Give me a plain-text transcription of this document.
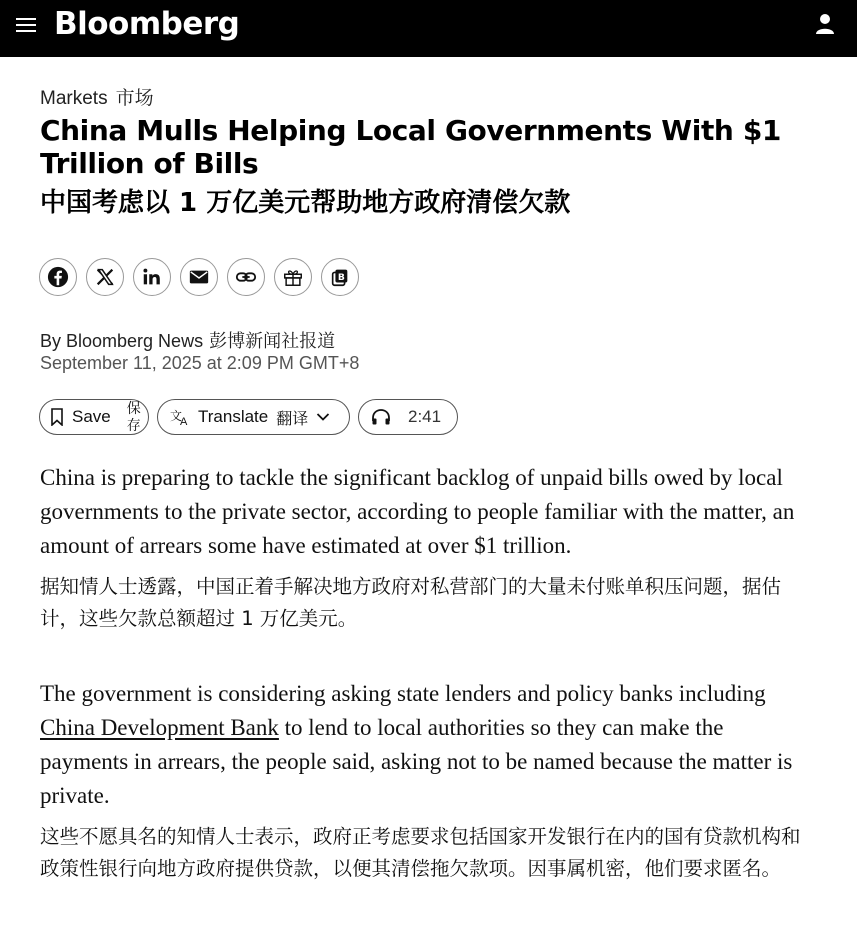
Bloomberg
Markets 市场
China Mulls Helping Local Governments With $1 Trillion of Bills
中国考虑以 1 万亿美元帮助地方政府清偿欠款
B
By Bloomberg News 彭博新闻社报道
September 11, 2025 at 2:09 PM GMT+8
Save 保
存
文
A Translate 翻译	2:41

China is preparing to tackle the significant backlog of unpaid bills owed by local governments to the private sector, according to people familiar with the matter, an amount of arrears some have estimated at over $1 trillion.

据知情人士透露，中国正着手解决地方政府对私营部门的大量未付账单积压问题，据估计，这些欠款总额超过 1 万亿美元。

The government is considering asking state lenders and policy banks including China Development Bank to lend to local authorities so they can make the payments in arrears, the people said, asking not to be named because the matter is private.

这些不愿具名的知情人士表示，政府正考虑要求包括国家开发银行在内的国有贷款机构和政策性银行向地方政府提供贷款，以便其清偿拖欠款项。因事属机密，他们要求匿名。
